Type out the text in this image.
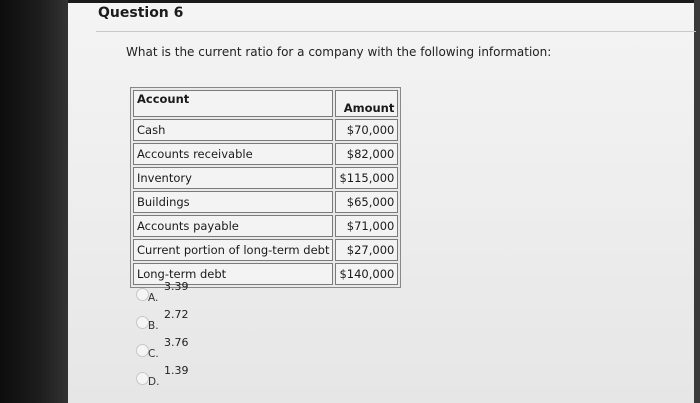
Question 6
What is the current ratio for a company with the following information:
Account	Amount
Cash	$70,000
Accounts receivable	$82,000
Inventory	$115,000
Buildings	$65,000
Accounts payable	$71,000
Current portion of long-term debt	$27,000
Long-term debt	$140,000
A.
3.39
B.
2.72
C.
3.76
D.
1.39
